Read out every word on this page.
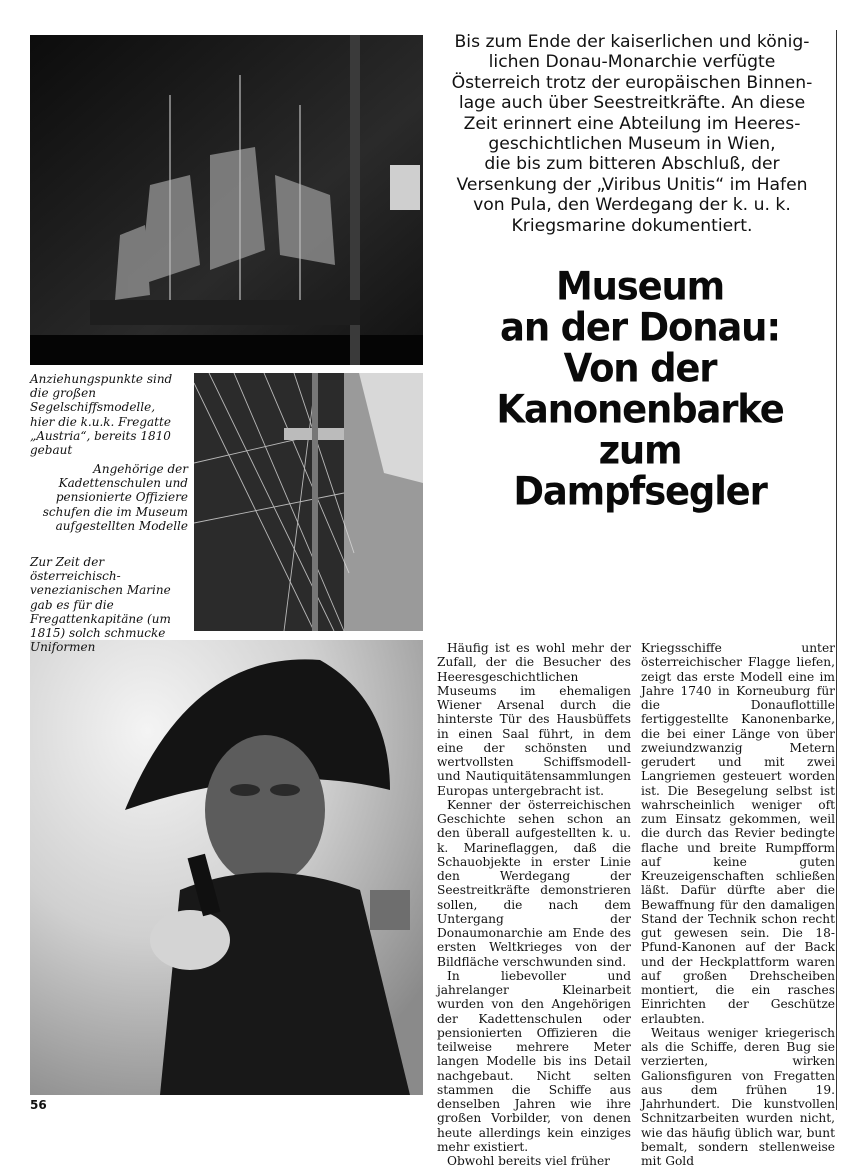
Anziehungspunkte sind die großen Segelschiffsmodelle, hier die k.u.k. Fregatte „Austria“, bereits 1810 gebaut
Angehörige der Kadettenschulen und pensionierte Offiziere schufen die im Museum aufgestellten Modelle
Zur Zeit der österreichisch-venezianischen Marine gab es für die Fregattenkapitäne (um 1815) solch schmucke Uniformen
Bis zum Ende der kaiserlichen und könig-
lichen Donau-Monarchie verfügte
Österreich trotz der europäischen Binnen-
lage auch über Seestreitkräfte. An diese
Zeit erinnert eine Abteilung im Heeres-
geschichtlichen Museum in Wien,
die bis zum bitteren Abschluß, der
Versenkung der „Viribus Unitis“ im Hafen
von Pula, den Werdegang der k. u. k.
Kriegsmarine dokumentiert.
Museum
an der Donau:
Von der
Kanonenbarke
zum
Dampfsegler

Häufig ist es wohl mehr der Zufall, der die Besucher des Heeresgeschichtlichen Museums im ehemaligen Wiener Arsenal durch die hinterste Tür des Hausbüffets in einen Saal führt, in dem eine der schönsten und wertvollsten Schiffsmodell- und Nautiquitätensammlungen Europas untergebracht ist.

Kenner der österreichischen Geschichte sehen schon an den überall aufgestellten k. u. k. Marineflaggen, daß die Schauobjekte in erster Linie den Werdegang der Seestreitkräfte demonstrieren sollen, die nach dem Untergang der Donaumonarchie am Ende des ersten Weltkrieges von der Bildfläche verschwunden sind.

In liebevoller und jahrelanger Kleinarbeit wurden von den Angehörigen der Kadettenschulen oder pensionierten Offizieren die teilweise mehrere Meter langen Modelle bis ins Detail nachgebaut. Nicht selten stammen die Schiffe aus denselben Jahren wie ihre großen Vorbilder, von denen heute allerdings kein einziges mehr existiert.

Obwohl bereits viel früher

Kriegsschiffe unter österreichischer Flagge liefen, zeigt das erste Modell eine im Jahre 1740 in Korneuburg für die Donauflottille fertiggestellte Kanonenbarke, die bei einer Länge von über zweiundzwanzig Metern gerudert und mit zwei Langriemen gesteuert worden ist. Die Besegelung selbst ist wahrscheinlich weniger oft zum Einsatz gekommen, weil die durch das Revier bedingte flache und breite Rumpfform auf keine guten Kreuzeigenschaften schließen läßt. Dafür dürfte aber die Bewaffnung für den damaligen Stand der Technik schon recht gut gewesen sein. Die 18-Pfund-Kanonen auf der Back und der Heckplattform waren auf großen Drehscheiben montiert, die ein rasches Einrichten der Geschütze erlaubten.

Weitaus weniger kriegerisch als die Schiffe, deren Bug sie verzierten, wirken Galionsfiguren von Fregatten aus dem frühen 19. Jahrhundert. Die kunstvollen Schnitzarbeiten wurden nicht, wie das häufig üblich war, bunt bemalt, sondern stellenweise mit Gold

56
